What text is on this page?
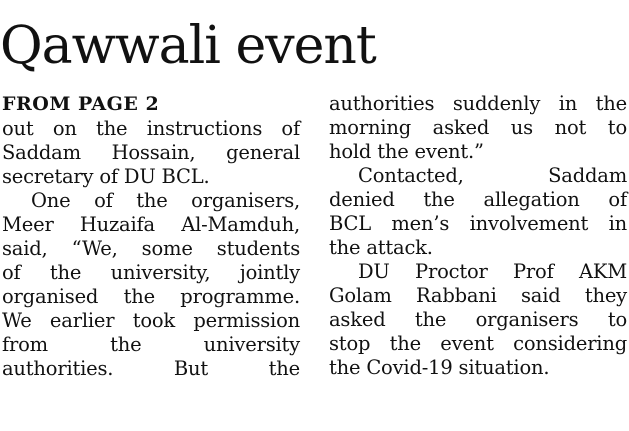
Qawwali event
FROM PAGE 2
out on the instructions of
Saddam Hossain, general
secretary of DU BCL.
One of the organisers,
Meer Huzaifa Al-Mamduh,
said, “We, some students
of the university, jointly
organised the programme.
We earlier took permission
from the university
authorities. But the
authorities suddenly in the
morning asked us not to
hold the event.”
Contacted, Saddam
denied the allegation of
BCL men’s involvement in
the attack.
DU Proctor Prof AKM
Golam Rabbani said they
asked the organisers to
stop the event considering
the Covid-19 situation.
